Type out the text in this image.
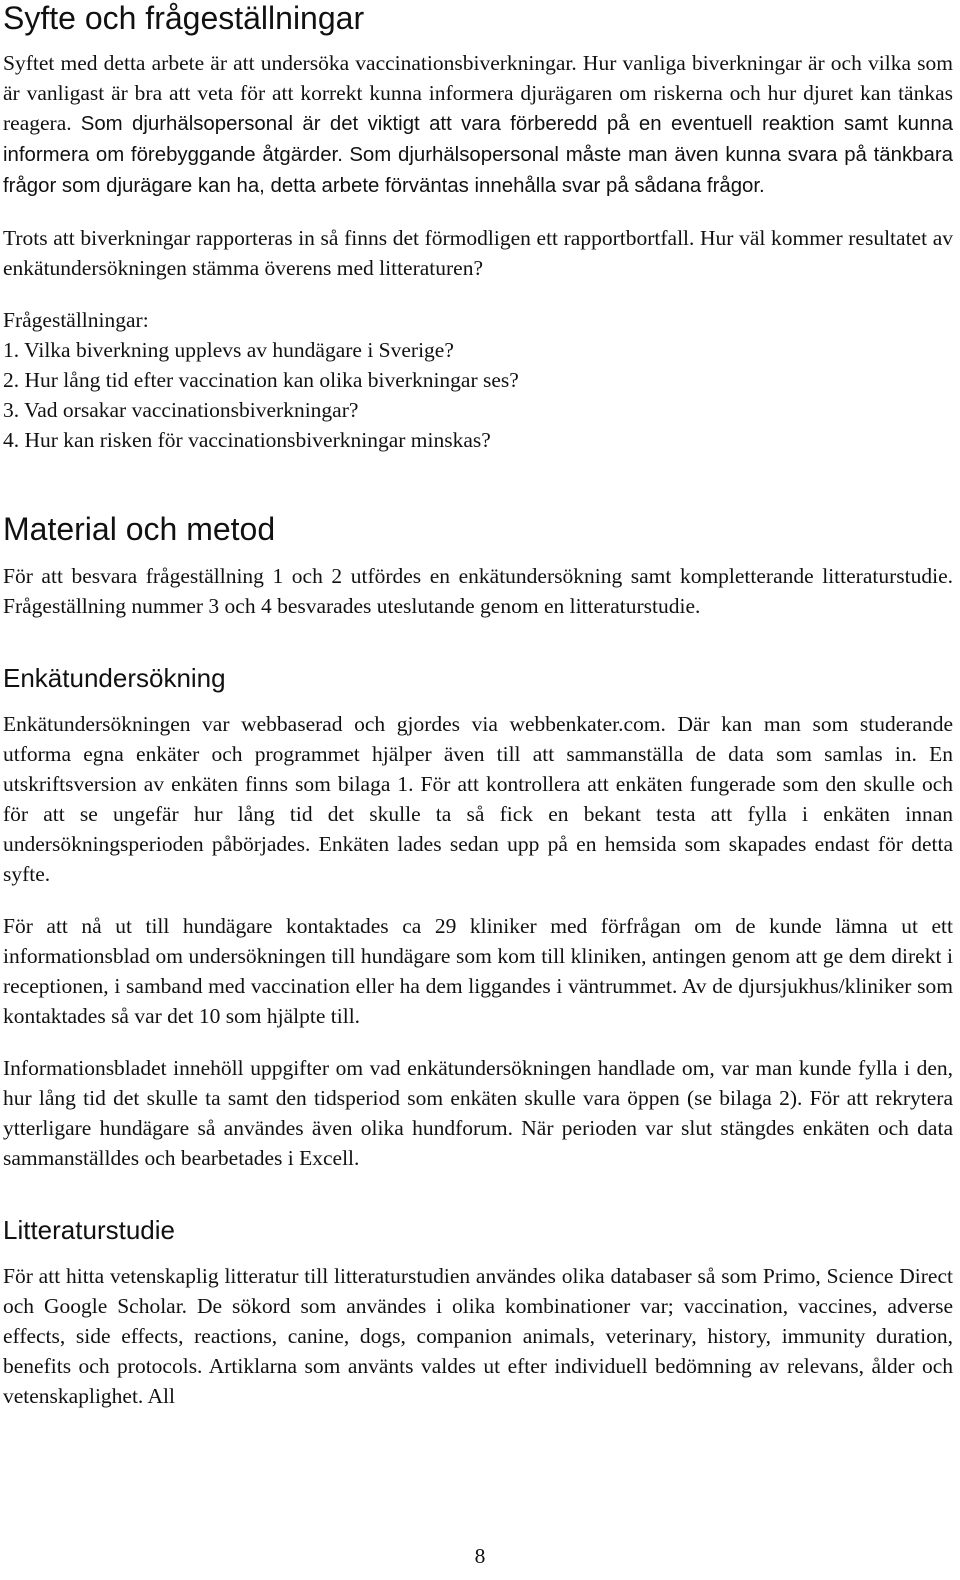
Syfte och frågeställningar

Syftet med detta arbete är att undersöka vaccinationsbiverkningar. Hur vanliga biverkningar är och vilka som är vanligast är bra att veta för att korrekt kunna informera djurägaren om riskerna och hur djuret kan tänkas reagera. Som djurhälsopersonal är det viktigt att vara förberedd på en eventuell reaktion samt kunna informera om förebyggande åtgärder. Som djurhälsopersonal måste man även kunna svara på tänkbara frågor som djurägare kan ha, detta arbete förväntas innehålla svar på sådana frågor.

Trots att biverkningar rapporteras in så finns det förmodligen ett rapportbortfall. Hur väl kommer resultatet av enkätundersökningen stämma överens med litteraturen?

Frågeställningar:

1. Vilka biverkning upplevs av hundägare i Sverige?
2. Hur lång tid efter vaccination kan olika biverkningar ses?
3. Vad orsakar vaccinationsbiverkningar?
4. Hur kan risken för vaccinationsbiverkningar minskas?
Material och metod

För att besvara frågeställning 1 och 2 utfördes en enkätundersökning samt kompletterande litteraturstudie. Frågeställning nummer 3 och 4 besvarades uteslutande genom en litteraturstudie.

Enkätundersökning

Enkätundersökningen var webbaserad och gjordes via webbenkater.com. Där kan man som studerande utforma egna enkäter och programmet hjälper även till att sammanställa de data som samlas in. En utskriftsversion av enkäten finns som bilaga 1. För att kontrollera att enkäten fungerade som den skulle och för att se ungefär hur lång tid det skulle ta så fick en bekant testa att fylla i enkäten innan undersökningsperioden påbörjades. Enkäten lades sedan upp på en hemsida som skapades endast för detta syfte.

För att nå ut till hundägare kontaktades ca 29 kliniker med förfrågan om de kunde lämna ut ett informationsblad om undersökningen till hundägare som kom till kliniken, antingen genom att ge dem direkt i receptionen, i samband med vaccination eller ha dem liggandes i väntrummet. Av de djursjukhus/kliniker som kontaktades så var det 10 som hjälpte till.

Informationsbladet innehöll uppgifter om vad enkätundersökningen handlade om, var man kunde fylla i den, hur lång tid det skulle ta samt den tidsperiod som enkäten skulle vara öppen (se bilaga 2). För att rekrytera ytterligare hundägare så användes även olika hundforum. När perioden var slut stängdes enkäten och data sammanställdes och bearbetades i Excell.

Litteraturstudie

För att hitta vetenskaplig litteratur till litteraturstudien användes olika databaser så som Primo, Science Direct och Google Scholar. De sökord som användes i olika kombinationer var; vaccination, vaccines, adverse effects, side effects, reactions, canine, dogs, companion animals, veterinary, history, immunity duration, benefits och protocols. Artiklarna som använts valdes ut efter individuell bedömning av relevans, ålder och vetenskaplighet. All

8
